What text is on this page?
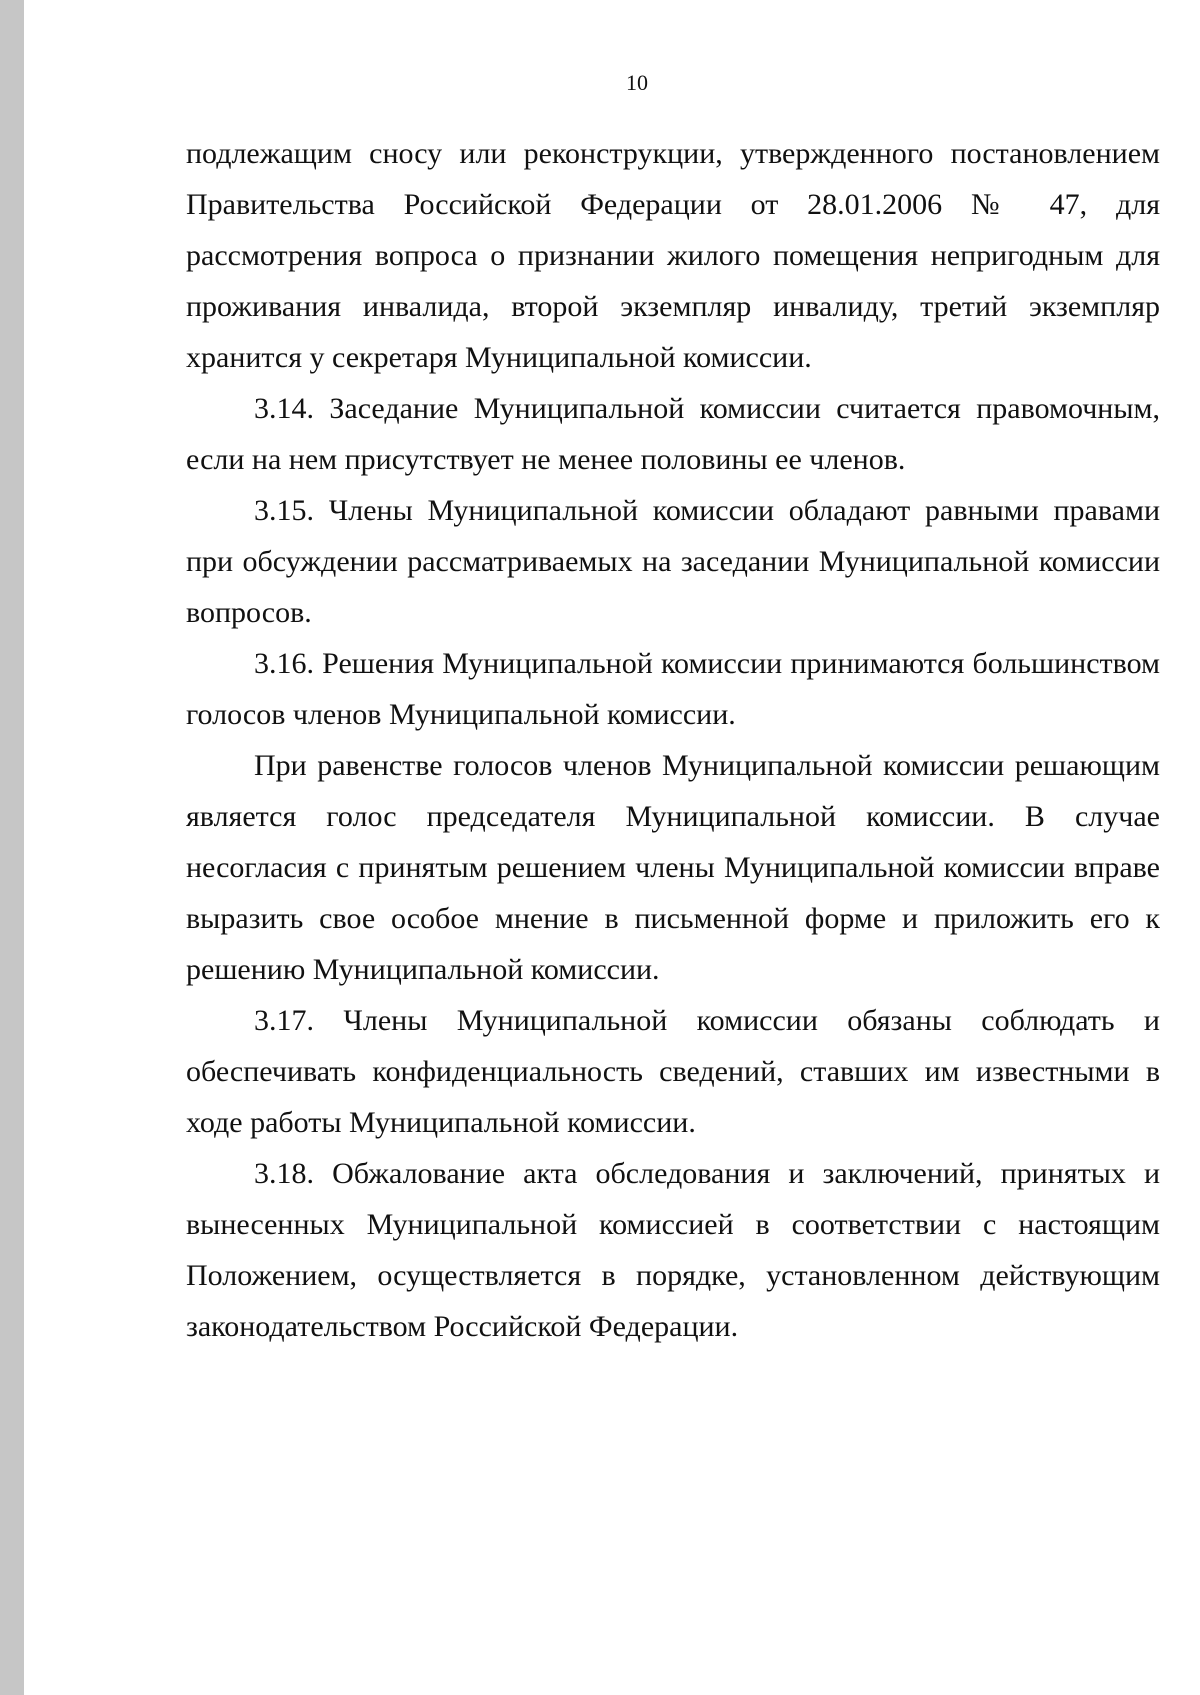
10

подлежащим сносу или реконструкции, утвержденного постановлением Правительства Российской Федерации от 28.01.2006 № 47, для рассмотрения вопроса о признании жилого помещения непригодным для проживания инвалида, второй экземпляр инвалиду, третий экземпляр хранится у секретаря Муниципальной комиссии.

3.14. Заседание Муниципальной комиссии считается правомочным, если на нем присутствует не менее половины ее членов.

3.15. Члены Муниципальной комиссии обладают равными правами при обсуждении рассматриваемых на заседании Муниципальной комиссии вопросов.

3.16. Решения Муниципальной комиссии принимаются большинством голосов членов Муниципальной комиссии.

При равенстве голосов членов Муниципальной комиссии решающим является голос председателя Муниципальной комиссии. В случае несогласия с принятым решением члены Муниципальной комиссии вправе выразить свое особое мнение в письменной форме и приложить его к решению Муниципальной комиссии.

3.17. Члены Муниципальной комиссии обязаны соблюдать и обеспечивать конфиденциальность сведений, ставших им известными в ходе работы Муниципальной комиссии.

3.18. Обжалование акта обследования и заключений, принятых и вынесенных Муниципальной комиссией в соответствии с настоящим Положением, осуществляется в порядке, установленном действующим законодательством Российской Федерации.
